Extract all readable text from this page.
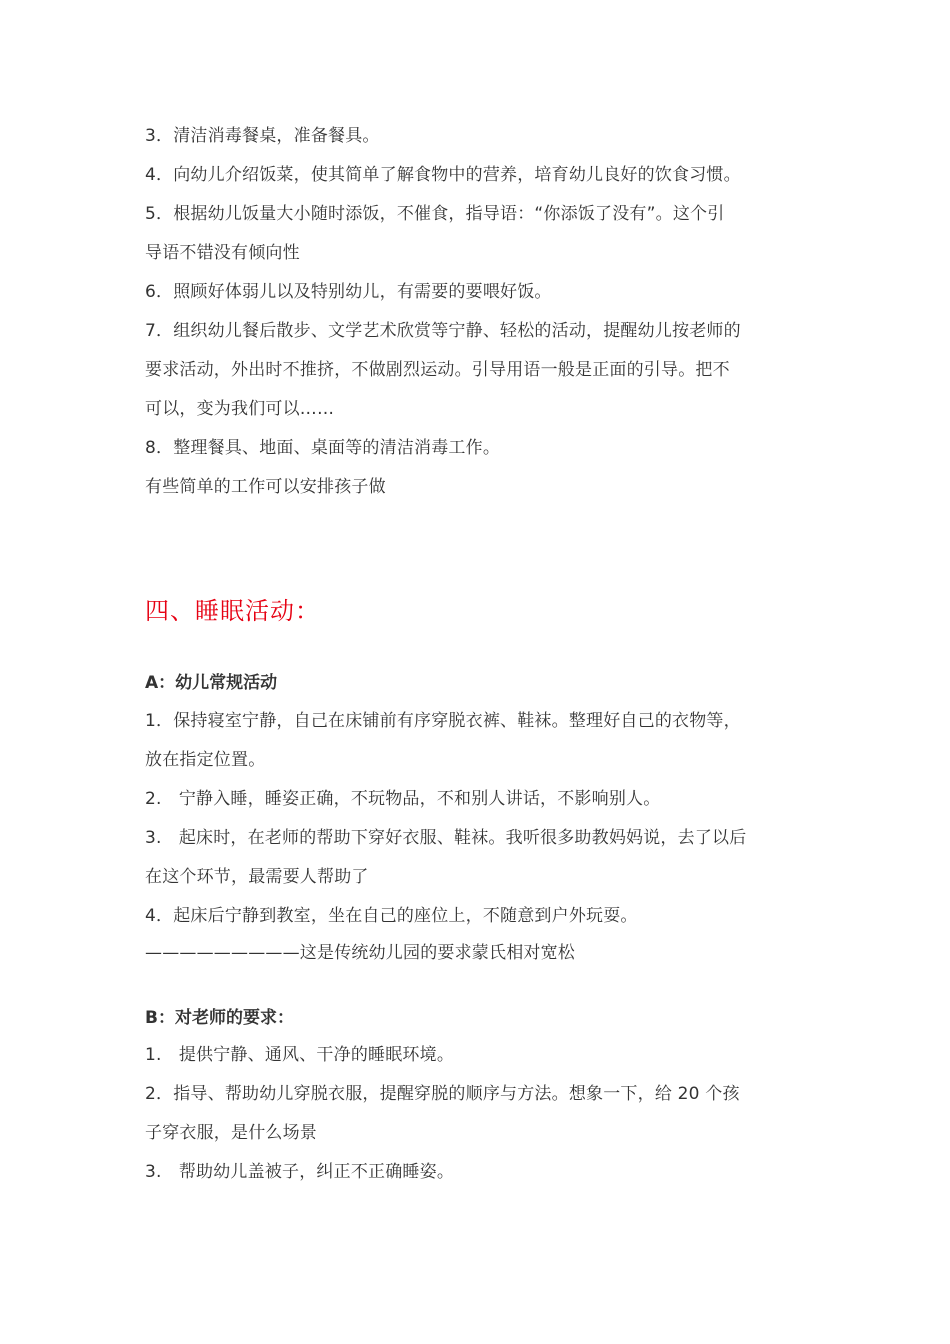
3．清洁消毒餐桌，准备餐具。
4．向幼儿介绍饭菜，使其简单了解食物中的营养，培育幼儿良好的饮食习惯。
5．根据幼儿饭量大小随时添饭，不催食，指导语：“你添饭了没有”。这个引
导语不错没有倾向性
6．照顾好体弱儿以及特别幼儿，有需要的要喂好饭。
7．组织幼儿餐后散步、文学艺术欣赏等宁静、轻松的活动，提醒幼儿按老师的
要求活动，外出时不推挤，不做剧烈运动。引导用语一般是正面的引导。把不
可以，变为我们可以……
8．整理餐具、地面、桌面等的清洁消毒工作。
有些简单的工作可以安排孩子做
四、睡眠活动：
A：幼儿常规活动
1．保持寝室宁静，自己在床铺前有序穿脱衣裤、鞋袜。整理好自己的衣物等，
放在指定位置。
2.　宁静入睡，睡姿正确，不玩物品，不和别人讲话，不影响别人。
3.　起床时，在老师的帮助下穿好衣服、鞋袜。我听很多助教妈妈说，去了以后
在这个环节，最需要人帮助了
4．起床后宁静到教室，坐在自己的座位上，不随意到户外玩耍。
—————————这是传统幼儿园的要求蒙氏相对宽松
B：对老师的要求：
1.　提供宁静、通风、干净的睡眠环境。
2．指导、帮助幼儿穿脱衣服，提醒穿脱的顺序与方法。想象一下，给 20 个孩
子穿衣服，是什么场景
3.　帮助幼儿盖被子，纠正不正确睡姿。
